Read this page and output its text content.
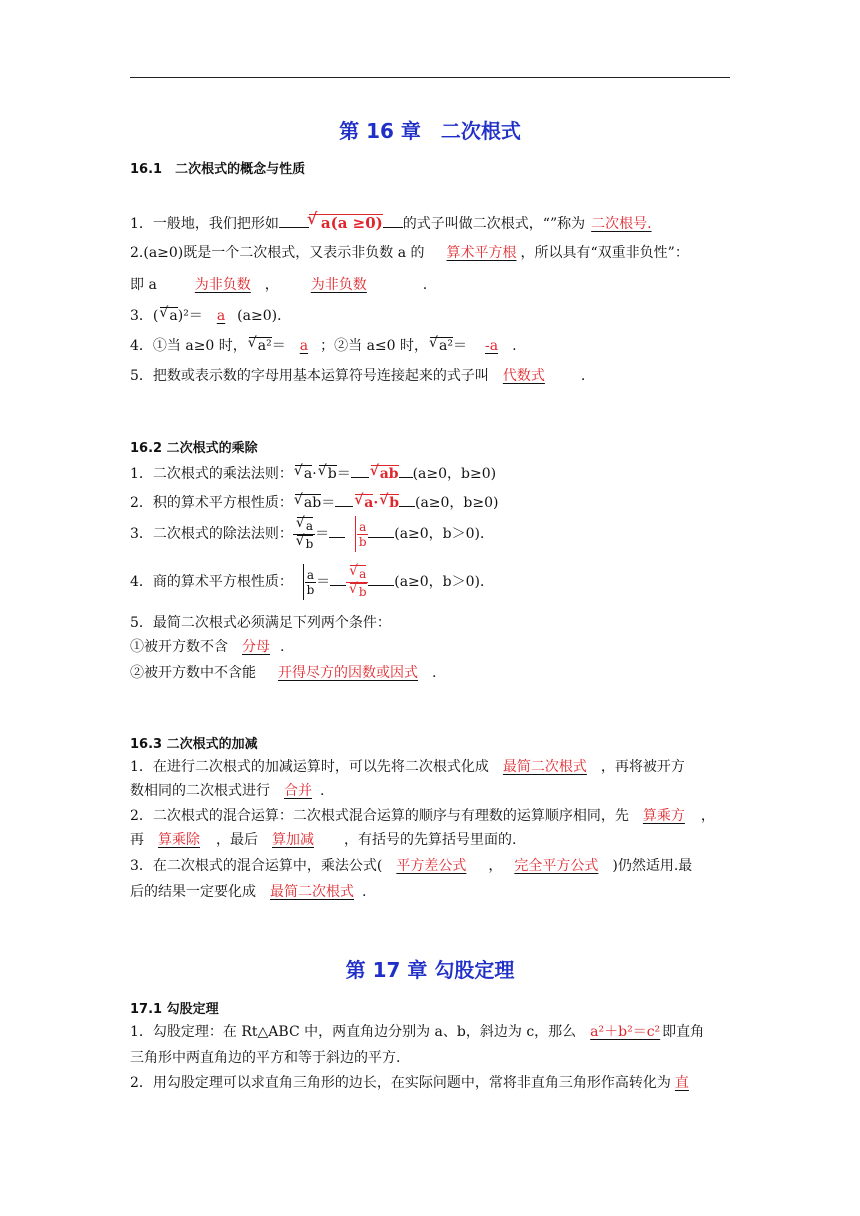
第 16 章　二次根式
16.1　二次根式的概念与性质
1．一般地，我们把形如 √ a(a ≥0) 的式子叫做二次根式，“”称为 二次根号.
2.(a≥0)既是一个二次根式，又表示非负数 a 的 算术平方根 ，所以具有“双重非负性”：
即 a	为非负数 ， 为非负数	.
3．( √ a)²＝ a (a≥0)．
4．①当 a≥0 时， √ a²＝ a ；②当 a≤0 时， √ a²＝ -a .
5．把数或表示数的字母用基本运算符号连接起来的式子叫 代数式	.
16.2 二次根式的乘除
1．二次根式的乘法法则： √ a· √ b＝ √ ab (a≥0，b≥0)
2．积的算术平方根性质： √ ab＝ √ a· √ b (a≥0，b≥0)
3．二次根式的除法法则： √ a
√ $b = \frac{a}{b} (a\ge 0$，b＞0)．
4．商的算术平方根性质： $\frac{a}{b}$ ＝ √ a
√ b (a≥0，b＞0)．
5．最简二次根式必须满足下列两个条件：
①被开方数不含 分母 .
②被开方数中不含能 开得尽方的因数或因式 .
16.3 二次根式的加减
1．在进行二次根式的加减运算时，可以先将二次根式化成 最简二次根式 ，再将被开方
数相同的二次根式进行 合并 .
2．二次根式的混合运算：二次根式混合运算的顺序与有理数的运算顺序相同，先 算乘方 ，
再 算乘除 ，最后 算加减 ，有括号的先算括号里面的.
3．在二次根式的混合运算中，乘法公式( 平方差公式 ， 完全平方公式 )仍然适用.最
后的结果一定要化成 最简二次根式 .
第 17 章 勾股定理
17.1 勾股定理
1．勾股定理：在 Rt△ABC 中，两直角边分别为 a、b，斜边为 c，那么 a²＋b²＝c² 即直角
三角形中两直角边的平方和等于斜边的平方.
2．用勾股定理可以求直角三角形的边长，在实际问题中，常将非直角三角形作高转化为 直
